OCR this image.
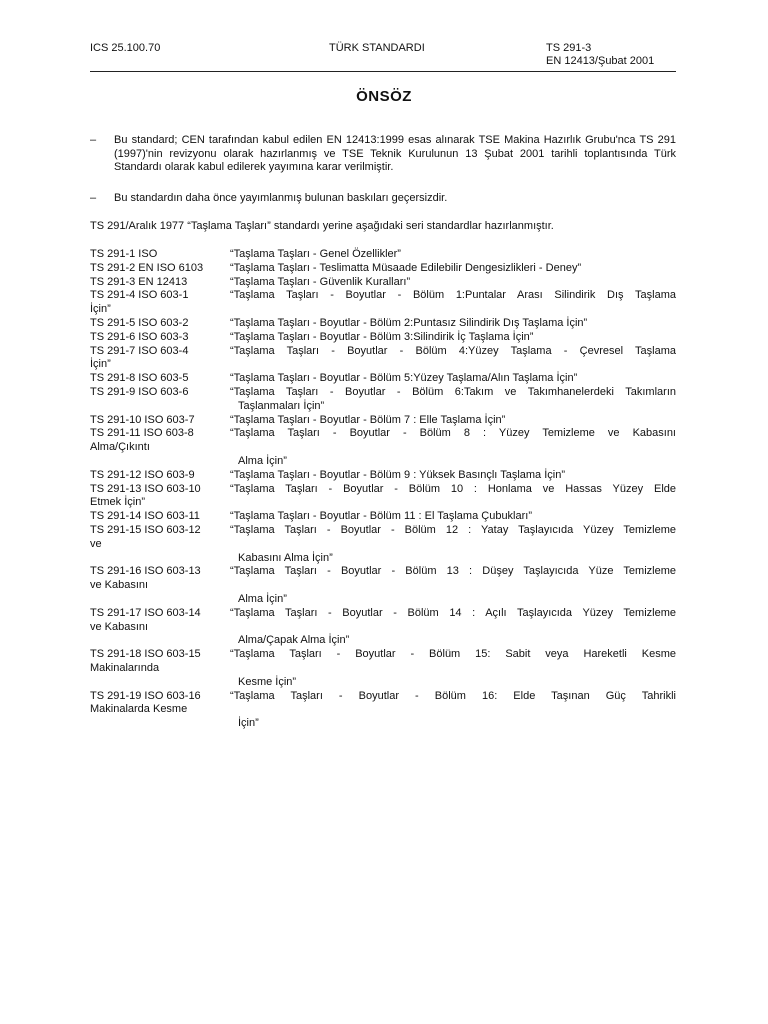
ICS 25.100.70	TÜRK STANDARDI	TS 291-3
EN 12413/Şubat 2001
ÖNSÖZ
– Bu standard; CEN tarafından kabul edilen EN 12413:1999 esas alınarak TSE Makina Hazırlık Grubu'nca TS 291 (1997)'nin revizyonu olarak hazırlanmış ve TSE Teknik Kurulunun 13 Şubat 2001 tarihli toplantısında Türk Standardı olarak kabul edilerek yayımına karar verilmiştir.
– Bu standardın daha önce yayımlanmış bulunan baskıları geçersizdir.
TS 291/Aralık 1977 “Taşlama Taşları” standardı yerine aşağıdaki seri standardlar hazırlanmıştır.
TS 291-1 ISO	“Taşlama Taşları - Genel Özellikler”
TS 291-2 EN ISO 6103 “Taşlama Taşları - Teslimatta Müsaade Edilebilir Dengesizlikleri - Deney”
TS 291-3 EN 12413	“Taşlama Taşları - Güvenlik Kuralları”
TS 291-4 ISO 603-1	“Taşlama Taşları - Boyutlar - Bölüm 1:Puntalar Arası Silindirik Dış Taşlama
İçin”
TS 291-5 ISO 603-2	“Taşlama Taşları - Boyutlar - Bölüm 2:Puntasız Silindirik Dış Taşlama İçin”
TS 291-6 ISO 603-3	“Taşlama Taşları - Boyutlar - Bölüm 3:Silindirik İç Taşlama İçin”
TS 291-7 ISO 603-4	“Taşlama Taşları - Boyutlar - Bölüm 4:Yüzey Taşlama - Çevresel Taşlama
İçin”
TS 291-8 ISO 603-5	“Taşlama Taşları - Boyutlar - Bölüm 5:Yüzey Taşlama/Alın Taşlama İçin”
TS 291-9 ISO 603-6	“Taşlama Taşları - Boyutlar - Bölüm 6:Takım ve Takımhanelerdeki Takımların
Taşlanmaları İçin”
TS 291-10 ISO 603-7	“Taşlama Taşları - Boyutlar - Bölüm 7 : Elle Taşlama İçin”
TS 291-11 ISO 603-8	“Taşlama Taşları - Boyutlar - Bölüm 8 : Yüzey Temizleme ve Kabasını
Alma/Çıkıntı
Alma İçin”
TS 291-12 ISO 603-9	“Taşlama Taşları - Boyutlar - Bölüm 9 : Yüksek Basınçlı Taşlama İçin”
TS 291-13 ISO 603-10	“Taşlama Taşları - Boyutlar - Bölüm 10 : Honlama ve Hassas Yüzey Elde
Etmek İçin”
TS 291-14 ISO 603-11	“Taşlama Taşları - Boyutlar - Bölüm 11 : El Taşlama Çubukları”
TS 291-15 ISO 603-12	“Taşlama Taşları - Boyutlar - Bölüm 12 : Yatay Taşlayıcıda Yüzey Temizleme
ve
Kabasını Alma İçin”
TS 291-16 ISO 603-13	“Taşlama Taşları - Boyutlar - Bölüm 13 : Düşey Taşlayıcıda Yüze Temizleme
ve Kabasını
Alma İçin”
TS 291-17 ISO 603-14	“Taşlama Taşları - Boyutlar - Bölüm 14 : Açılı Taşlayıcıda Yüzey Temizleme
ve Kabasını
Alma/Çapak Alma İçin”
TS 291-18 ISO 603-15	“Taşlama Taşları - Boyutlar - Bölüm 15: Sabit veya Hareketli Kesme
Makinalarında
Kesme İçin”
TS 291-19 ISO 603-16	“Taşlama Taşları - Boyutlar - Bölüm 16: Elde Taşınan Güç Tahrikli
Makinalarda Kesme
İçin”
